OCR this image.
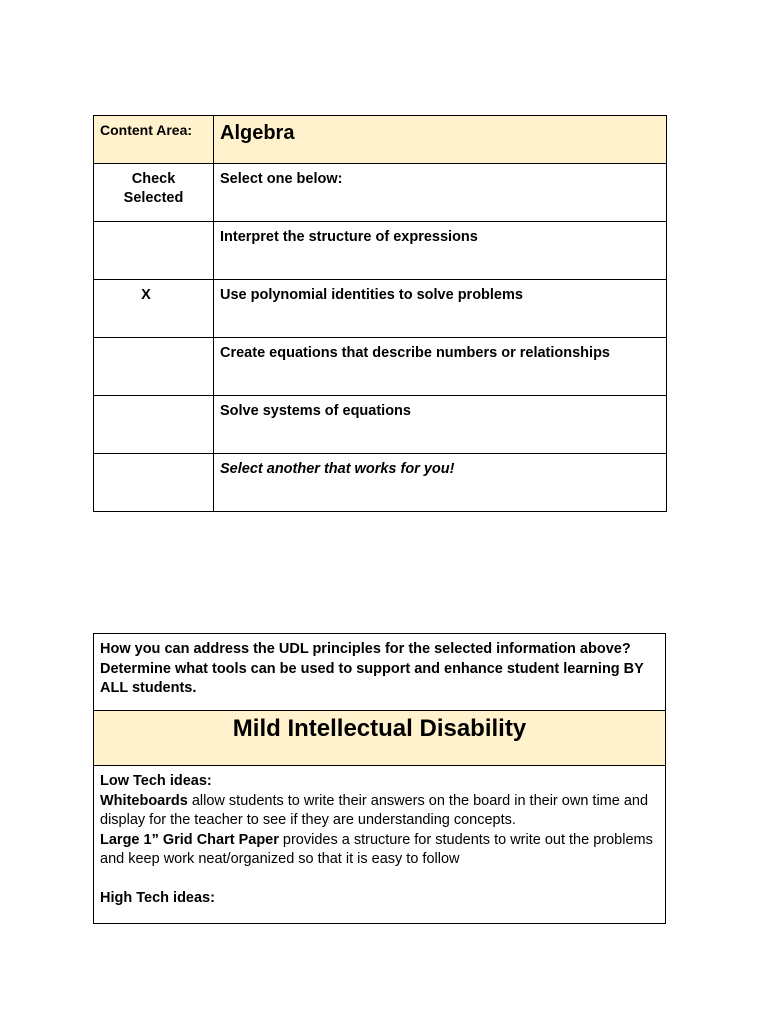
Content Area:	Algebra
Check Selected	Select one below:

	Interpret the structure of expressions

X	Use polynomial identities to solve problems

	Create equations that describe numbers or relationships

	Solve systems of equations

	Select another that works for you!
How you can address the UDL principles for the selected information above? Determine what tools can be used to support and enhance student learning BY ALL students.
Mild Intellectual Disability

Low Tech ideas:
Whiteboards allow students to write their answers on the board in their own time and display for the teacher to see if they are understanding concepts.
Large 1” Grid Chart Paper provides a structure for students to write out the problems and keep work neat/organized so that it is easy to follow
High Tech ideas:
